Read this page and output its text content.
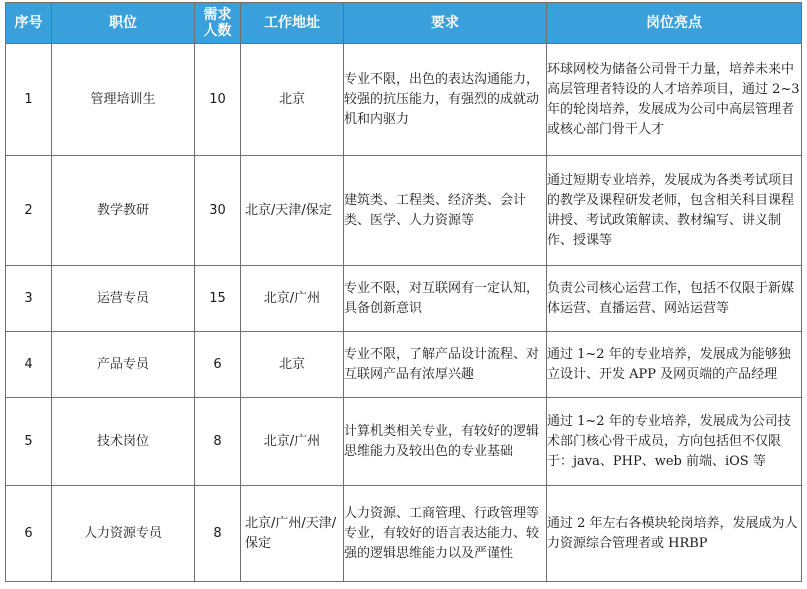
序号	职位	需求人数	工作地址	要求	岗位亮点
1	管理培训生	10	北京	专业不限，出色的表达沟通能力，较强的抗压能力，有强烈的成就动机和内驱力	环球网校为储备公司骨干力量，培养未来中高层管理者特设的人才培养项目，通过 2~3 年的轮岗培养，发展成为公司中高层管理者或核心部门骨干人才

2	教学教研	30	北京/天津/保定	建筑类、工程类、经济类、会计类、医学、人力资源等	通过短期专业培养，发展成为各类考试项目的教学及课程研发老师，包含相关科目课程讲授、考试政策解读、教材编写、讲义制作、授课等

3	运营专员	15	北京/广州	专业不限，对互联网有一定认知，具备创新意识	负责公司核心运营工作，包括不仅限于新媒体运营、直播运营、网站运营等

4	产品专员	6	北京	专业不限，了解产品设计流程、对互联网产品有浓厚兴趣	通过 1~2 年的专业培养，发展成为能够独立设计、开发 APP 及网页端的产品经理

5	技术岗位	8	北京/广州	计算机类相关专业，有较好的逻辑思维能力及较出色的专业基础	通过 1~2 年的专业培养，发展成为公司技术部门核心骨干成员，方向包括但不仅限于：java、PHP、web 前端、iOS 等

6	人力资源专员	8	北京/广州/天津/保定	人力资源、工商管理、行政管理等专业，有较好的语言表达能力、较强的逻辑思维能力以及严谨性	通过 2 年左右各模块轮岗培养，发展成为人力资源综合管理者或 HRBP
